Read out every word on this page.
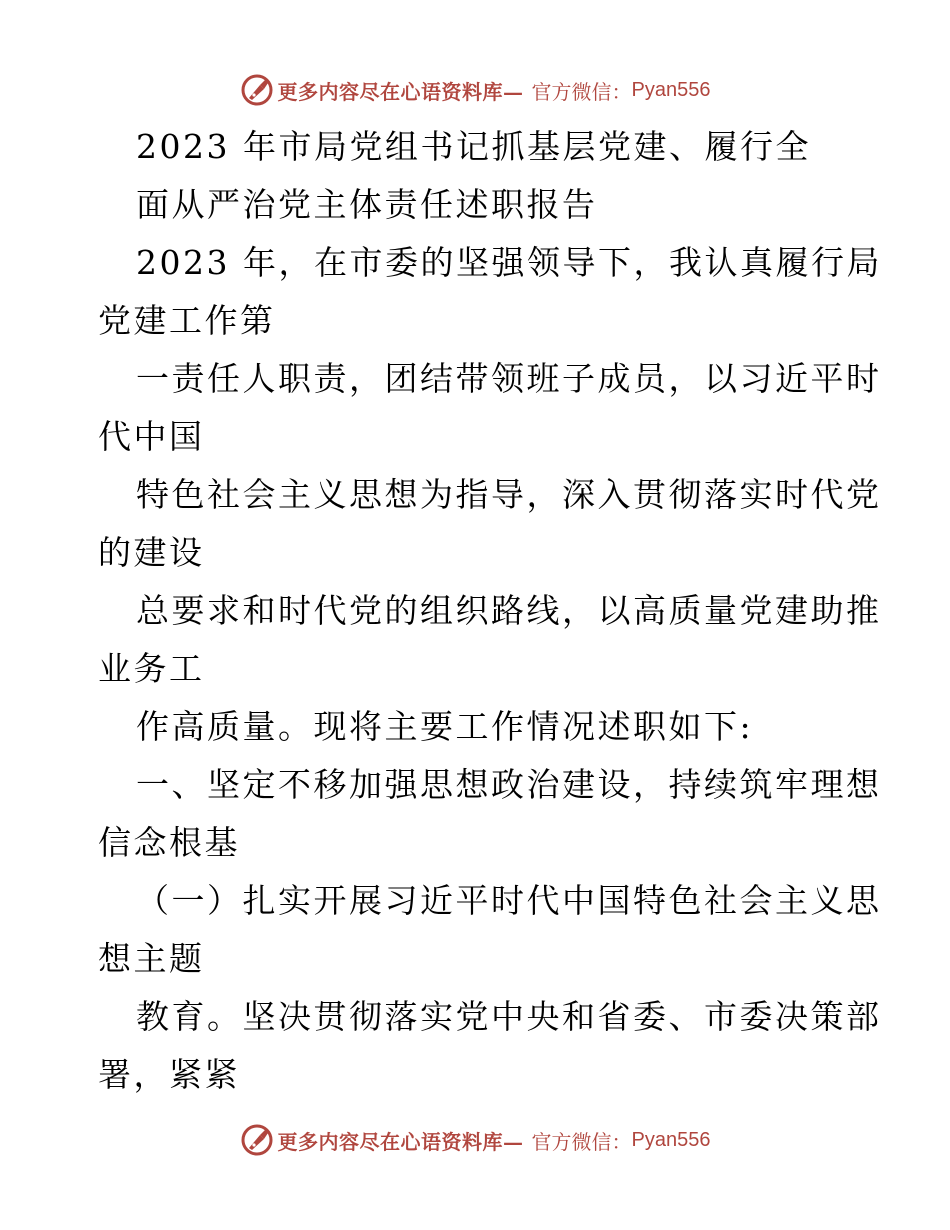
更多内容尽在心语资料库— 官方微信： Pyan556
2023 年市局党组书记抓基层党建、履行全
面从严治党主体责任述职报告
2023 年，在市委的坚强领导下，我认真履行局
党建工作第
一责任人职责，团结带领班子成员，以习近平时
代中国
特色社会主义思想为指导，深入贯彻落实时代党
的建设
总要求和时代党的组织路线，以高质量党建助推
业务工
作高质量。现将主要工作情况述职如下:
一、坚定不移加强思想政治建设，持续筑牢理想
信念根基
（一）扎实开展习近平时代中国特色社会主义思
想主题
教育。坚决贯彻落实党中央和省委、市委决策部
署，紧紧
更多内容尽在心语资料库— 官方微信： Pyan556
